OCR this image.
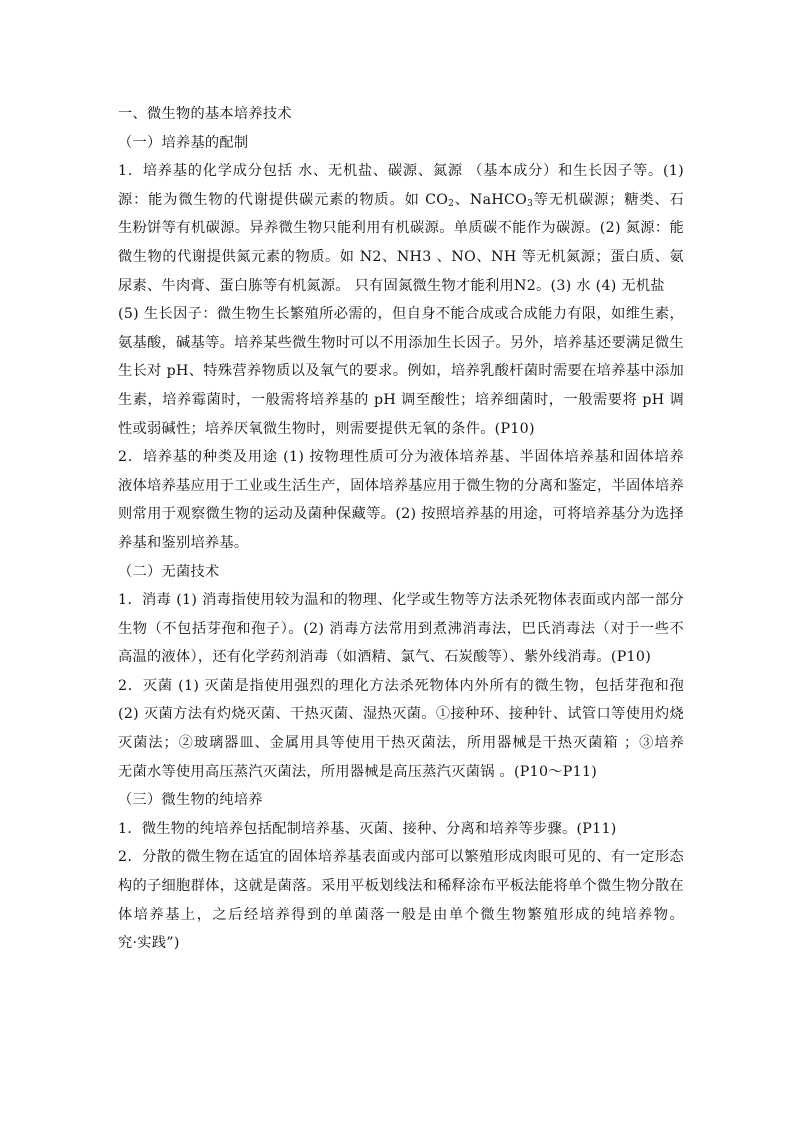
一、微生物的基本培养技术
（一）培养基的配制
1．培养基的化学成分包括 水、无机盐、碳源、氮源 （基本成分）和生长因子等。(1)
源：能为微生物的代谢提供碳元素的物质。如 $CO_2$、NaHCO$_3$等无机碳源；糖类、石
生粉饼等有机碳源。异养微生物只能利用有机碳源。单质碳不能作为碳源。(2) 氮源：能
微生物的代谢提供氮元素的物质。如 N2、NH3 、NO、NH 等无机氮源；蛋白质、氨
尿素、牛肉膏、蛋白胨等有机氮源。 只有固氮微生物才能利用N2。(3) 水 (4) 无机盐
(5) 生长因子：微生物生长繁殖所必需的，但自身不能合成或合成能力有限，如维生素，
氨基酸，碱基等。培养某些微生物时可以不用添加生长因子。另外，培养基还要满足微生
生长对 pH、特殊营养物质以及氧气的要求。例如，培养乳酸杆菌时需要在培养基中添加
生素，培养霉菌时，一般需将培养基的 pH 调至酸性；培养细菌时，一般需要将 pH 调
性或弱碱性；培养厌氧微生物时，则需要提供无氧的条件。(P10)
2．培养基的种类及用途 (1) 按物理性质可分为液体培养基、半固体培养基和固体培养
液体培养基应用于工业或生活生产，固体培养基应用于微生物的分离和鉴定，半固体培养
则常用于观察微生物的运动及菌种保藏等。(2) 按照培养基的用途，可将培养基分为选择
养基和鉴别培养基。
（二）无菌技术
1．消毒 (1) 消毒指使用较为温和的物理、化学或生物等方法杀死物体表面或内部一部分
生物（不包括芽孢和孢子）。(2) 消毒方法常用到煮沸消毒法，巴氏消毒法（对于一些不
高温的液体），还有化学药剂消毒（如酒精、氯气、石炭酸等）、紫外线消毒。(P10)
2．灭菌 (1) 灭菌是指使用强烈的理化方法杀死物体内外所有的微生物，包括芽孢和孢
(2) 灭菌方法有灼烧灭菌、干热灭菌、湿热灭菌。①接种环、接种针、试管口等使用灼烧
灭菌法；②玻璃器皿、金属用具等使用干热灭菌法，所用器械是干热灭菌箱 ；③培养
无菌水等使用高压蒸汽灭菌法，所用器械是高压蒸汽灭菌锅 。(P10～P11)
（三）微生物的纯培养
1．微生物的纯培养包括配制培养基、灭菌、接种、分离和培养等步骤。(P11)
2．分散的微生物在适宜的固体培养基表面或内部可以繁殖形成肉眼可见的、有一定形态
构的子细胞群体，这就是菌落。采用平板划线法和稀释涂布平板法能将单个微生物分散在
体培养基上，之后经培养得到的单菌落一般是由单个微生物繁殖形成的纯培养物。
究·实践”)
